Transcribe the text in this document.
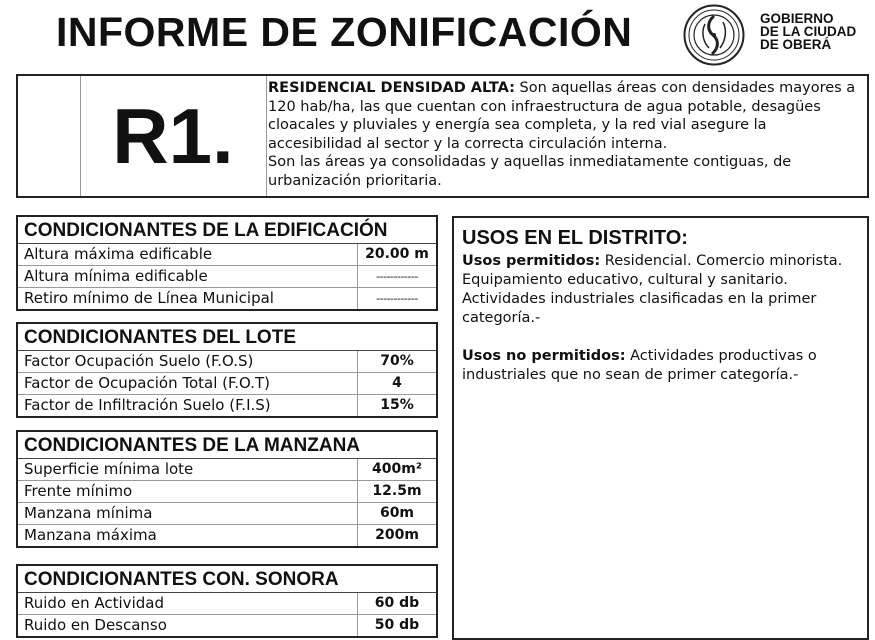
INFORME DE ZONIFICACIÓN	GOBIERNO
DE LA CIUDAD
DE OBERÁ
R1.
RESIDENCIAL DENSIDAD ALTA: Son aquellas áreas con densidades mayores a 120 hab/ha, las que cuentan con infraestructura de agua potable, desagües cloacales y pluviales y energía sea completa, y la red vial asegure la accesibilidad al sector y la correcta circulación interna.
Son las áreas ya consolidadas y aquellas inmediatamente contiguas, de urbanización prioritaria.
CONDICIONANTES DE LA EDIFICACIÓN
Altura máxima edificable	20.00 m
Altura mínima edificable	------------
Retiro mínimo de Línea Municipal	------------
CONDICIONANTES DEL LOTE
Factor Ocupación Suelo (F.O.S)	70%
Factor de Ocupación Total (F.O.T)	4
Factor de Infiltración Suelo (F.I.S)	15%
CONDICIONANTES DE LA MANZANA
Superficie mínima lote	400m²
Frente mínimo	12.5m
Manzana mínima	60m
Manzana máxima	200m
CONDICIONANTES CON. SONORA
Ruido en Actividad	60 db
Ruido en Descanso	50 db
USOS EN EL DISTRITO:

Usos permitidos: Residencial. Comercio minorista. Equipamiento educativo, cultural y sanitario. Actividades industriales clasificadas en la primer categoría.-

Usos no permitidos: Actividades productivas o industriales que no sean de primer categoría.-
